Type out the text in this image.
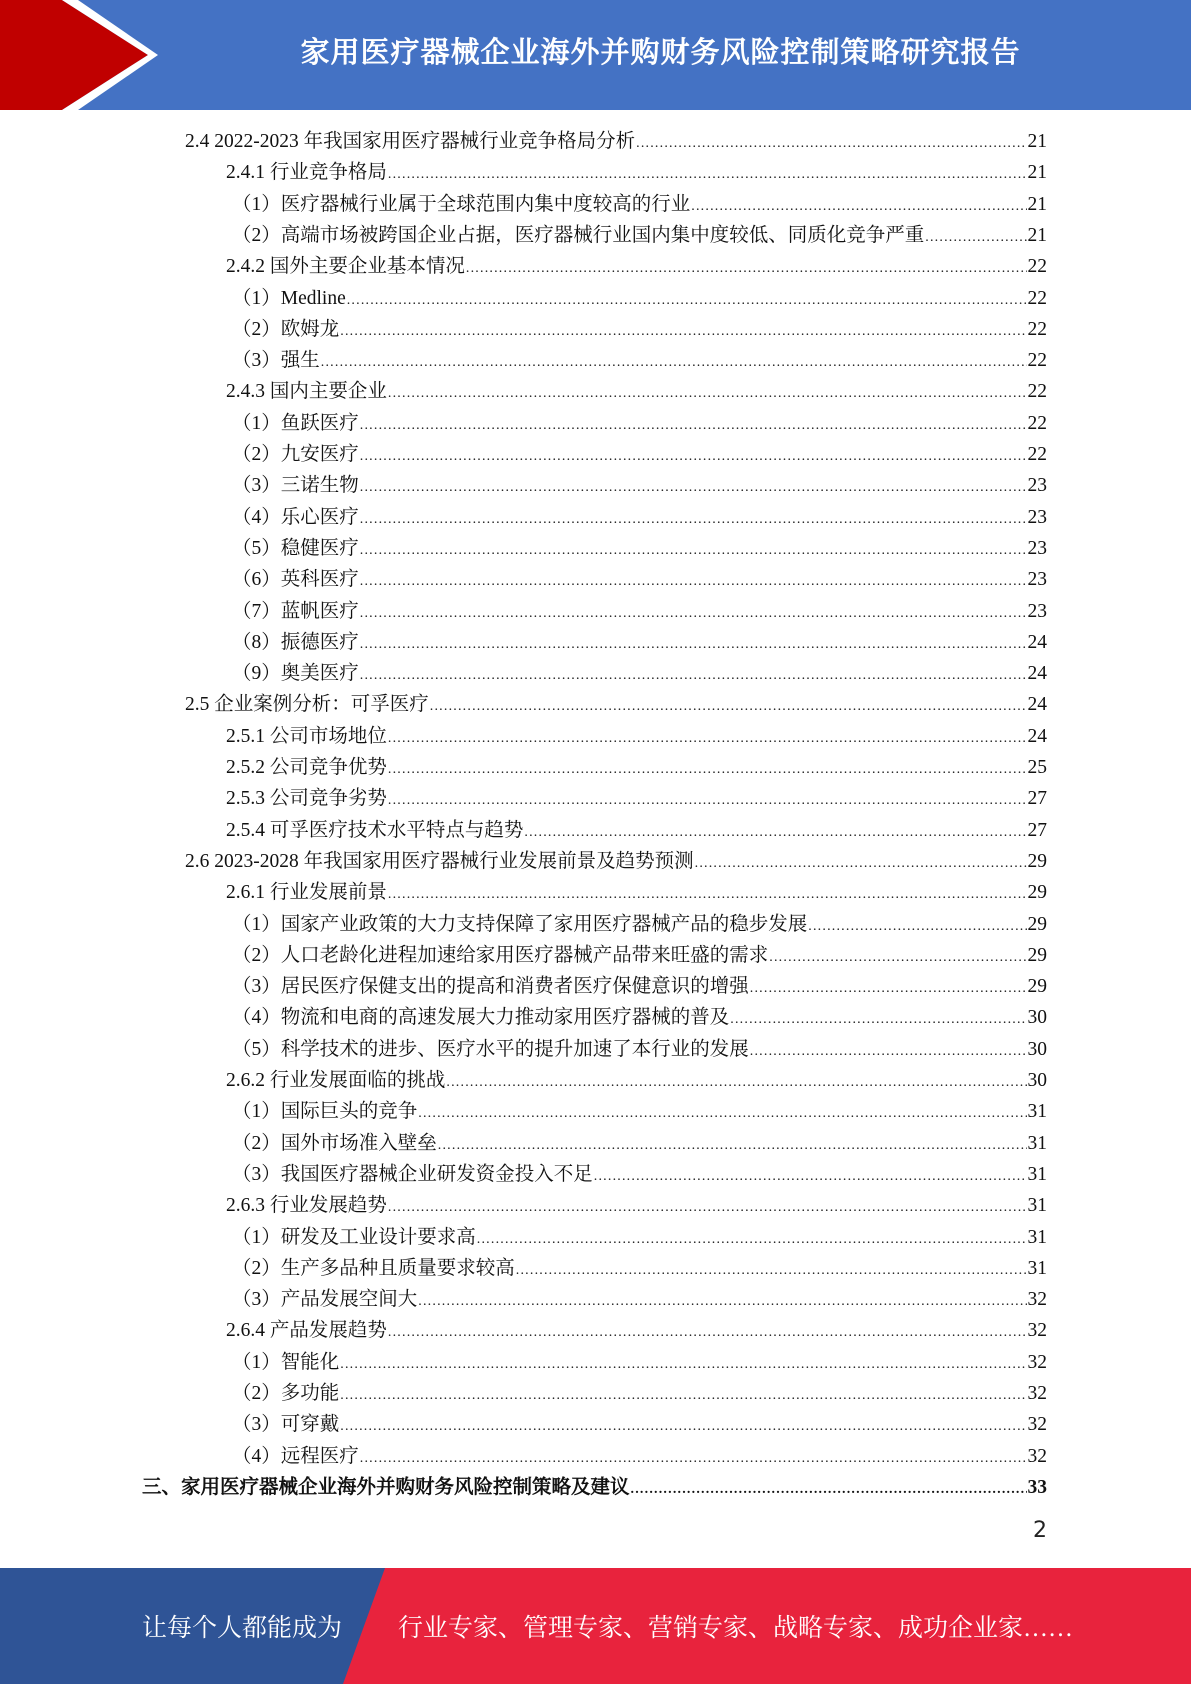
家用医疗器械企业海外并购财务风险控制策略研究报告
2.4 2022-2023 年我国家用医疗器械行业竞争格局分析 .....	21
2.4.1 行业竞争格局 .....	21
（1）医疗器械行业属于全球范围内集中度较高的行业 .....	21
（2）高端市场被跨国企业占据，医疗器械行业国内集中度较低、同质化竞争严重 .....	21
2.4.2 国外主要企业基本情况 .....	22
（1）Medline .....	22
（2）欧姆龙 .....	22
（3）强生 .....	22
2.4.3 国内主要企业 .....	22
（1）鱼跃医疗 .....	22
（2）九安医疗 .....	22
（3）三诺生物 .....	23
（4）乐心医疗 .....	23
（5）稳健医疗 .....	23
（6）英科医疗 .....	23
（7）蓝帆医疗 .....	23
（8）振德医疗 .....	24
（9）奥美医疗 .....	24
2.5 企业案例分析：可孚医疗 .....	24
2.5.1 公司市场地位 .....	24
2.5.2 公司竞争优势 .....	25
2.5.3 公司竞争劣势 .....	27
2.5.4 可孚医疗技术水平特点与趋势 .....	27
2.6 2023-2028 年我国家用医疗器械行业发展前景及趋势预测 .....	29
2.6.1 行业发展前景 .....	29
（1）国家产业政策的大力支持保障了家用医疗器械产品的稳步发展 .....	29
（2）人口老龄化进程加速给家用医疗器械产品带来旺盛的需求 .....	29
（3）居民医疗保健支出的提高和消费者医疗保健意识的增强 .....	29
（4）物流和电商的高速发展大力推动家用医疗器械的普及 .....	30
（5）科学技术的进步、医疗水平的提升加速了本行业的发展 .....	30
2.6.2 行业发展面临的挑战 .....	30
（1）国际巨头的竞争 .....	31
（2）国外市场准入壁垒 .....	31
（3）我国医疗器械企业研发资金投入不足 .....	31
2.6.3 行业发展趋势 .....	31
（1）研发及工业设计要求高 .....	31
（2）生产多品种且质量要求较高 .....	31
（3）产品发展空间大 .....	32
2.6.4 产品发展趋势 .....	32
（1）智能化 .....	32
（2）多功能 .....	32
（3）可穿戴 .....	32
（4）远程医疗 .....	32
三、家用医疗器械企业海外并购财务风险控制策略及建议 .....	33
2
让每个人都能成为 行业专家、管理专家、营销专家、战略专家、成功企业家……
